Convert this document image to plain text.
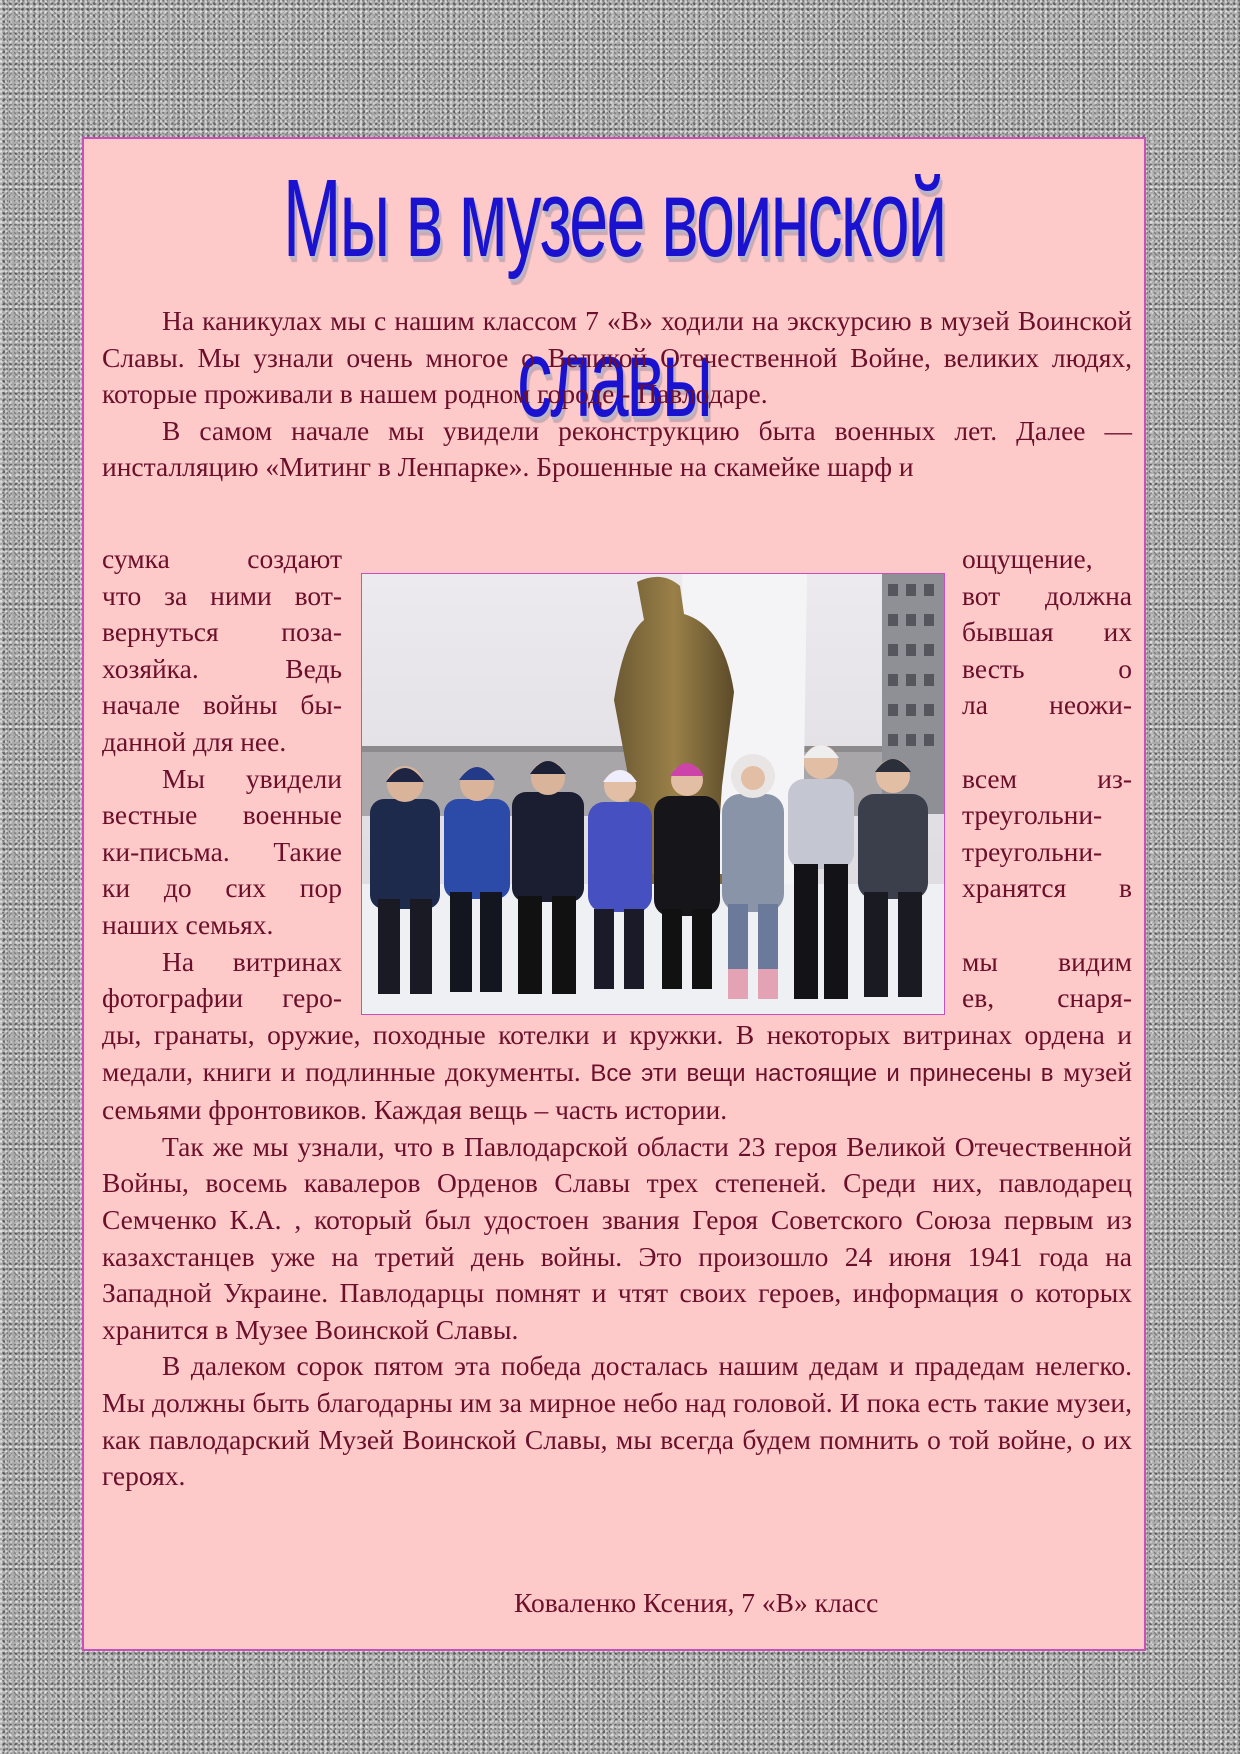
Мы в музее воинской славы

На каникулах мы с нашим классом 7 «В» ходили на экскурсию в музей Воинской Славы. Мы узнали очень многое о Великой Отечественной Войне, великих людях, которые проживали в нашем родном городе - Павлодаре.

В самом начале мы увидели реконструкцию быта военных лет. Далее — инсталляцию «Митинг в Ленпарке». Брошенные на скамейке шарф и

сумка создают
что за ними вот-
вернуться поза-
хозяйка. Ведь
начале войны бы-
данной для нее.
Мы увидели
вестные военные
ки-письма. Такие
ки до сих пор
наших семьях.
На витринах
фотографии геро-
ощущение,
вот должна
бывшая их
весть о
ла неожи-
всем из-
треугольни-
треугольни-
хранятся в
мы видим
ев, снаря-

ды, гранаты, оружие, походные котелки и кружки. В некоторых витринах ордена и медали, книги и подлинные документы. Все эти вещи настоящие и принесены в музей семьями фронтовиков. Каждая вещь – часть истории.

Так же мы узнали, что в Павлодарской области 23 героя Великой Отечественной Войны, восемь кавалеров Орденов Славы трех степеней. Среди них, павлодарец Семченко К.А. , который был удостоен звания Героя Советского Союза первым из казахстанцев уже на третий день войны. Это произошло 24 июня 1941 года на Западной Украине. Павлодарцы помнят и чтят своих героев, информация о которых хранится в Музее Воинской Славы.

В далеком сорок пятом эта победа досталась нашим дедам и прадедам нелегко. Мы должны быть благодарны им за мирное небо над головой. И пока есть такие музеи, как павлодарский Музей Воинской Славы, мы всегда будем помнить о той войне, о их героях.

Коваленко Ксения, 7 «В» класс
